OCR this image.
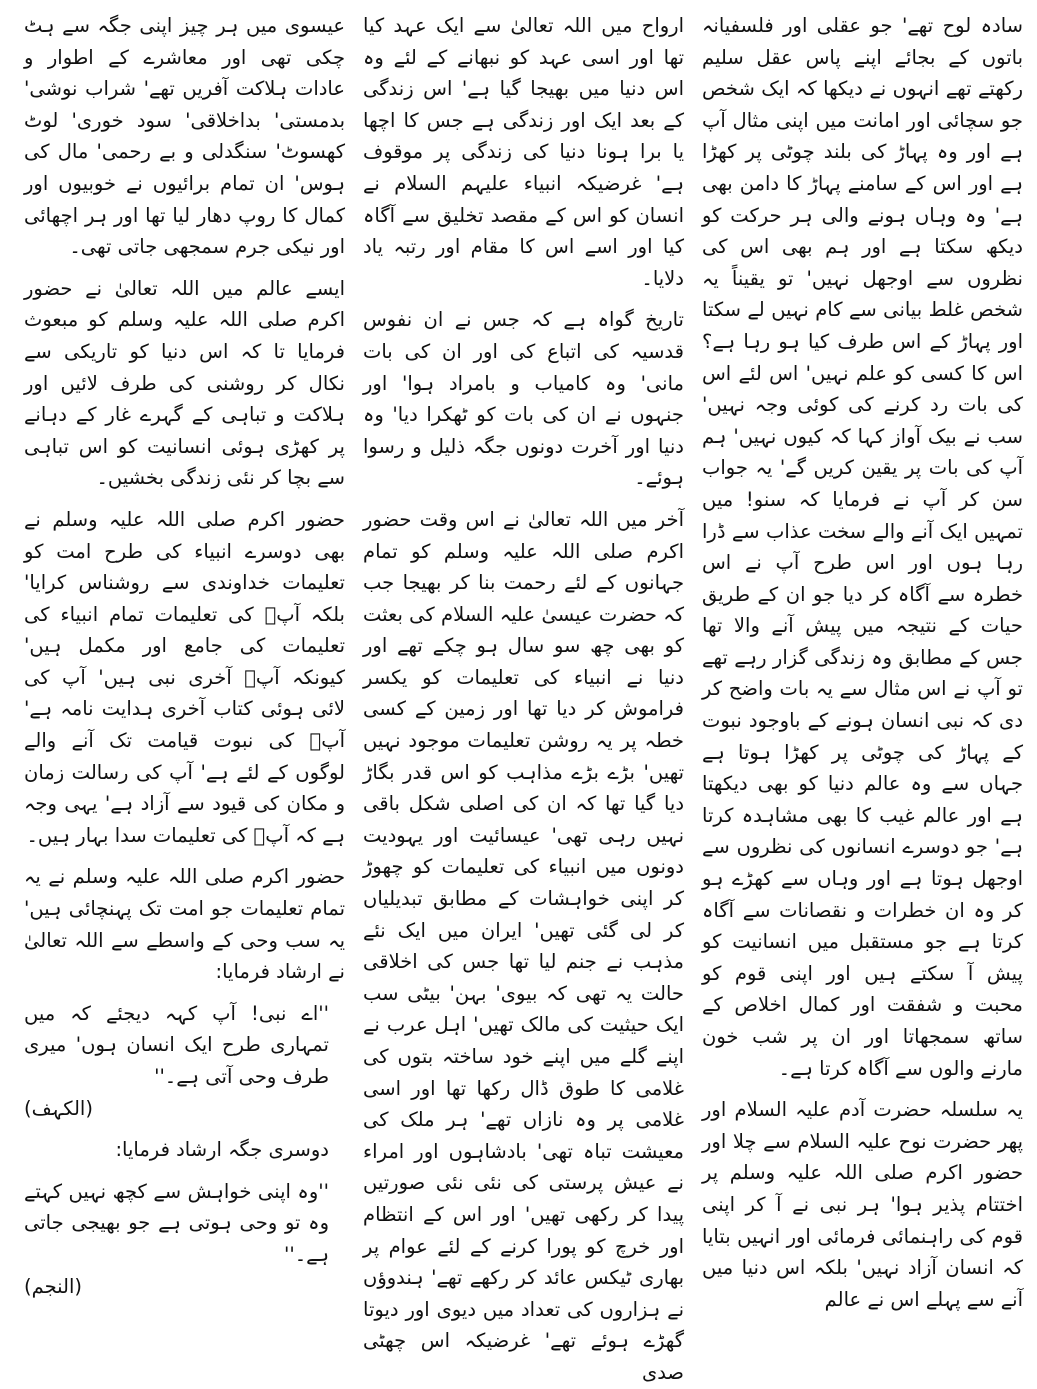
سادہ لوح تھے' جو عقلی اور فلسفیانہ باتوں کے بجائے اپنے پاس عقل سلیم رکھتے تھے انہوں نے دیکھا کہ ایک شخص جو سچائی اور امانت میں اپنی مثال آپ ہے اور وہ پہاڑ کی بلند چوٹی پر کھڑا ہے اور اس کے سامنے پہاڑ کا دامن بھی ہے' وہ وہاں ہونے والی ہر حرکت کو دیکھ سکتا ہے اور ہم بھی اس کی نظروں سے اوجھل نہیں' تو یقیناً یہ شخص غلط بیانی سے کام نہیں لے سکتا اور پہاڑ کے اس طرف کیا ہو رہا ہے؟ اس کا کسی کو علم نہیں' اس لئے اس کی بات رد کرنے کی کوئی وجہ نہیں' سب نے بیک آواز کہا کہ کیوں نہیں' ہم آپ کی بات پر یقین کریں گے' یہ جواب سن کر آپ نے فرمایا کہ سنو! میں تمہیں ایک آنے والے سخت عذاب سے ڈرا رہا ہوں اور اس طرح آپ نے اس خطرہ سے آگاہ کر دیا جو ان کے طریق حیات کے نتیجہ میں پیش آنے والا تھا جس کے مطابق وہ زندگی گزار رہے تھے تو آپ نے اس مثال سے یہ بات واضح کر دی کہ نبی انسان ہونے کے باوجود نبوت کے پہاڑ کی چوٹی پر کھڑا ہوتا ہے جہاں سے وہ عالم دنیا کو بھی دیکھتا ہے اور عالم غیب کا بھی مشاہدہ کرتا ہے' جو دوسرے انسانوں کی نظروں سے اوجھل ہوتا ہے اور وہاں سے کھڑے ہو کر وہ ان خطرات و نقصانات سے آگاہ کرتا ہے جو مستقبل میں انسانیت کو پیش آ سکتے ہیں اور اپنی قوم کو محبت و شفقت اور کمال اخلاص کے ساتھ سمجھاتا اور ان پر شب خون مارنے والوں سے آگاہ کرتا ہے۔

یہ سلسلہ حضرت آدم علیہ السلام اور پھر حضرت نوح علیہ السلام سے چلا اور حضور اکرم صلی اللہ علیہ وسلم پر اختتام پذیر ہوا' ہر نبی نے آ کر اپنی قوم کی راہنمائی فرمائی اور انہیں بتایا کہ انسان آزاد نہیں' بلکہ اس دنیا میں آنے سے پہلے اس نے عالم

ارواح میں اللہ تعالیٰ سے ایک عہد کیا تھا اور اسی عہد کو نبھانے کے لئے وہ اس دنیا میں بھیجا گیا ہے' اس زندگی کے بعد ایک اور زندگی ہے جس کا اچھا یا برا ہونا دنیا کی زندگی پر موقوف ہے' غرضیکہ انبیاء علیہم السلام نے انسان کو اس کے مقصد تخلیق سے آگاہ کیا اور اسے اس کا مقام اور رتبہ یاد دلایا۔

تاریخ گواہ ہے کہ جس نے ان نفوس قدسیہ کی اتباع کی اور ان کی بات مانی' وہ کامیاب و بامراد ہوا' اور جنہوں نے ان کی بات کو ٹھکرا دیا' وہ دنیا اور آخرت دونوں جگہ ذلیل و رسوا ہوئے۔

آخر میں اللہ تعالیٰ نے اس وقت حضور اکرم صلی اللہ علیہ وسلم کو تمام جہانوں کے لئے رحمت بنا کر بھیجا جب کہ حضرت عیسیٰ علیہ السلام کی بعثت کو بھی چھ سو سال ہو چکے تھے اور دنیا نے انبیاء کی تعلیمات کو یکسر فراموش کر دیا تھا اور زمین کے کسی خطہ پر یہ روشن تعلیمات موجود نہیں تھیں' بڑے بڑے مذاہب کو اس قدر بگاڑ دیا گیا تھا کہ ان کی اصلی شکل باقی نہیں رہی تھی' عیسائیت اور یہودیت دونوں میں انبیاء کی تعلیمات کو چھوڑ کر اپنی خواہشات کے مطابق تبدیلیاں کر لی گئی تھیں' ایران میں ایک نئے مذہب نے جنم لیا تھا جس کی اخلاقی حالت یہ تھی کہ بیوی' بہن' بیٹی سب ایک حیثیت کی مالک تھیں' اہل عرب نے اپنے گلے میں اپنے خود ساختہ بتوں کی غلامی کا طوق ڈال رکھا تھا اور اسی غلامی پر وہ نازاں تھے' ہر ملک کی معیشت تباہ تھی' بادشاہوں اور امراء نے عیش پرستی کی نئی نئی صورتیں پیدا کر رکھی تھیں' اور اس کے انتظام اور خرچ کو پورا کرنے کے لئے عوام پر بھاری ٹیکس عائد کر رکھے تھے' ہندوؤں نے ہزاروں کی تعداد میں دیوی اور دیوتا گھڑے ہوئے تھے' غرضیکہ اس چھٹی صدی

عیسوی میں ہر چیز اپنی جگہ سے ہٹ چکی تھی اور معاشرے کے اطوار و عادات ہلاکت آفریں تھے' شراب نوشی' بدمستی' بداخلاقی' سود خوری' لوٹ کھسوٹ' سنگدلی و بے رحمی' مال کی ہوس' ان تمام برائیوں نے خوبیوں اور کمال کا روپ دھار لیا تھا اور ہر اچھائی اور نیکی جرم سمجھی جاتی تھی۔

ایسے عالم میں اللہ تعالیٰ نے حضور اکرم صلی اللہ علیہ وسلم کو مبعوث فرمایا تا کہ اس دنیا کو تاریکی سے نکال کر روشنی کی طرف لائیں اور ہلاکت و تباہی کے گہرے غار کے دہانے پر کھڑی ہوئی انسانیت کو اس تباہی سے بچا کر نئی زندگی بخشیں۔

حضور اکرم صلی اللہ علیہ وسلم نے بھی دوسرے انبیاء کی طرح امت کو تعلیمات خداوندی سے روشناس کرایا' بلکہ آپؐ کی تعلیمات تمام انبیاء کی تعلیمات کی جامع اور مکمل ہیں' کیونکہ آپؐ آخری نبی ہیں' آپ کی لائی ہوئی کتاب آخری ہدایت نامہ ہے' آپؐ کی نبوت قیامت تک آنے والے لوگوں کے لئے ہے' آپ کی رسالت زمان و مکان کی قیود سے آزاد ہے' یہی وجہ ہے کہ آپؐ کی تعلیمات سدا بہار ہیں۔

حضور اکرم صلی اللہ علیہ وسلم نے یہ تمام تعلیمات جو امت تک پہنچائی ہیں' یہ سب وحی کے واسطے سے اللہ تعالیٰ نے ارشاد فرمایا:

''اے نبی! آپ کہہ دیجئے کہ میں تمہاری طرح ایک انسان ہوں' میری طرف وحی آتی ہے۔''
(الکہف)

دوسری جگہ ارشاد فرمایا:

''وہ اپنی خواہش سے کچھ نہیں کہتے وہ تو وحی ہوتی ہے جو بھیجی جاتی ہے۔''
(النجم)
